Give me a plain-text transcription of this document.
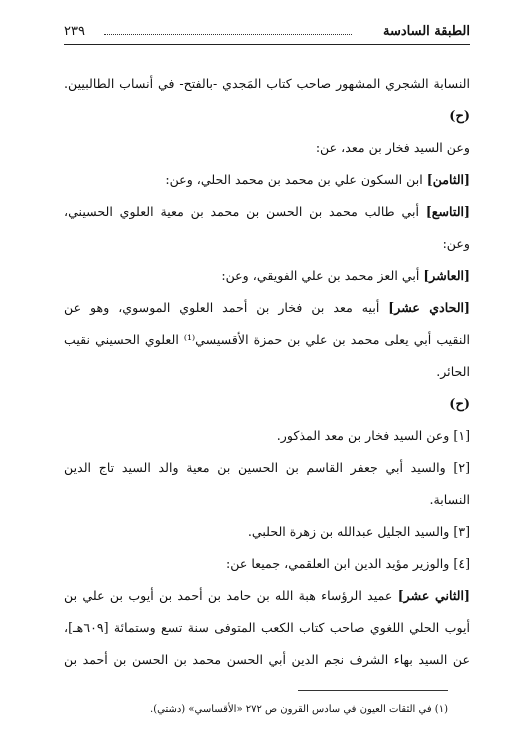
الطبقة السادسة
٢٣٩
النسابة الشجري المشهور صاحب كتاب المَجدي -بالفتح- في أنساب الطالبيين.
(ح)
وعن السيد فخار بن معد، عن:
[الثامن] ابن السكون علي بن محمد بن محمد الحلي، وعن:
[التاسع] أبي طالب محمد بن الحسن بن محمد بن معية العلوي الحسيني،
وعن:
[العاشر] أبي العز محمد بن علي الفويقي، وعن:
[الحادي عشر] أبيه معد بن فخار بن أحمد العلوي الموسوي، وهو عن
النقيب أبي يعلى محمد بن علي بن حمزة الأقسيسي⁽¹⁾ العلوي الحسيني نقيب
الحائر.
(ح)
[١] وعن السيد فخار بن معد المذكور.
[٢] والسيد أبي جعفر القاسم بن الحسين بن معية والد السيد تاج الدين
النسابة.
[٣] والسيد الجليل عبدالله بن زهرة الحلبي.
[٤] والوزير مؤيد الدين ابن العلقمي، جميعا عن:
[الثاني عشر] عميد الرؤساء هبة الله بن حامد بن أحمد بن أيوب بن علي بن
أيوب الحلي اللغوي صاحب كتاب الكعب المتوفى سنة تسع وستمائة [٦٠٩هـ]،
عن السيد بهاء الشرف نجم الدين أبي الحسن محمد بن الحسن بن أحمد بن
(١) في الثقات العيون في سادس القرون ص ٢٧٢ «الأقساسي» (دشتي).
